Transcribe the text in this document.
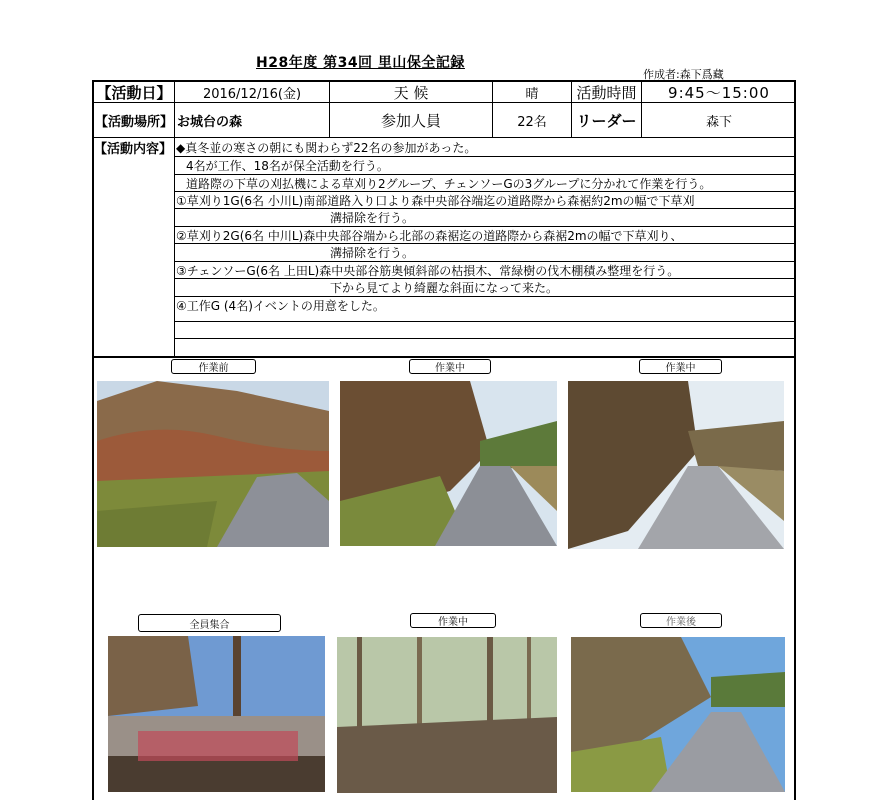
H28年度 第34回 里山保全記録
作成者:森下爲藏
【活動日】	2016/12/16(金)	天 候	晴	活動時間	9:45～15:00
【活動場所】 お城台の森	参加人員	22名	リーダー	森下
【活動内容】 ◆真冬並の寒さの朝にも関わらず22名の参加があった。
4名が工作、18名が保全活動を行う。
道路際の下草の刈払機による草刈り2グループ、チェンソーGの3グループに分かれて作業を行う。
①草刈り1G(6名 小川L)南部道路入り口より森中央部谷端迄の道路際から森裾約2mの幅で下草刈
溝掃除を行う。
②草刈り2G(6名 中川L)森中央部谷端から北部の森裾迄の道路際から森裾2mの幅で下草刈り、
溝掃除を行う。
③チェンソーG(6名 上田L)森中央部谷筋奥傾斜部の枯損木、常緑樹の伐木棚積み整理を行う。
下から見てより綺麗な斜面になって来た。
④工作G (4名)イベントの用意をした。
作業前	作業中	作業中
全員集合	作業中	作業後
